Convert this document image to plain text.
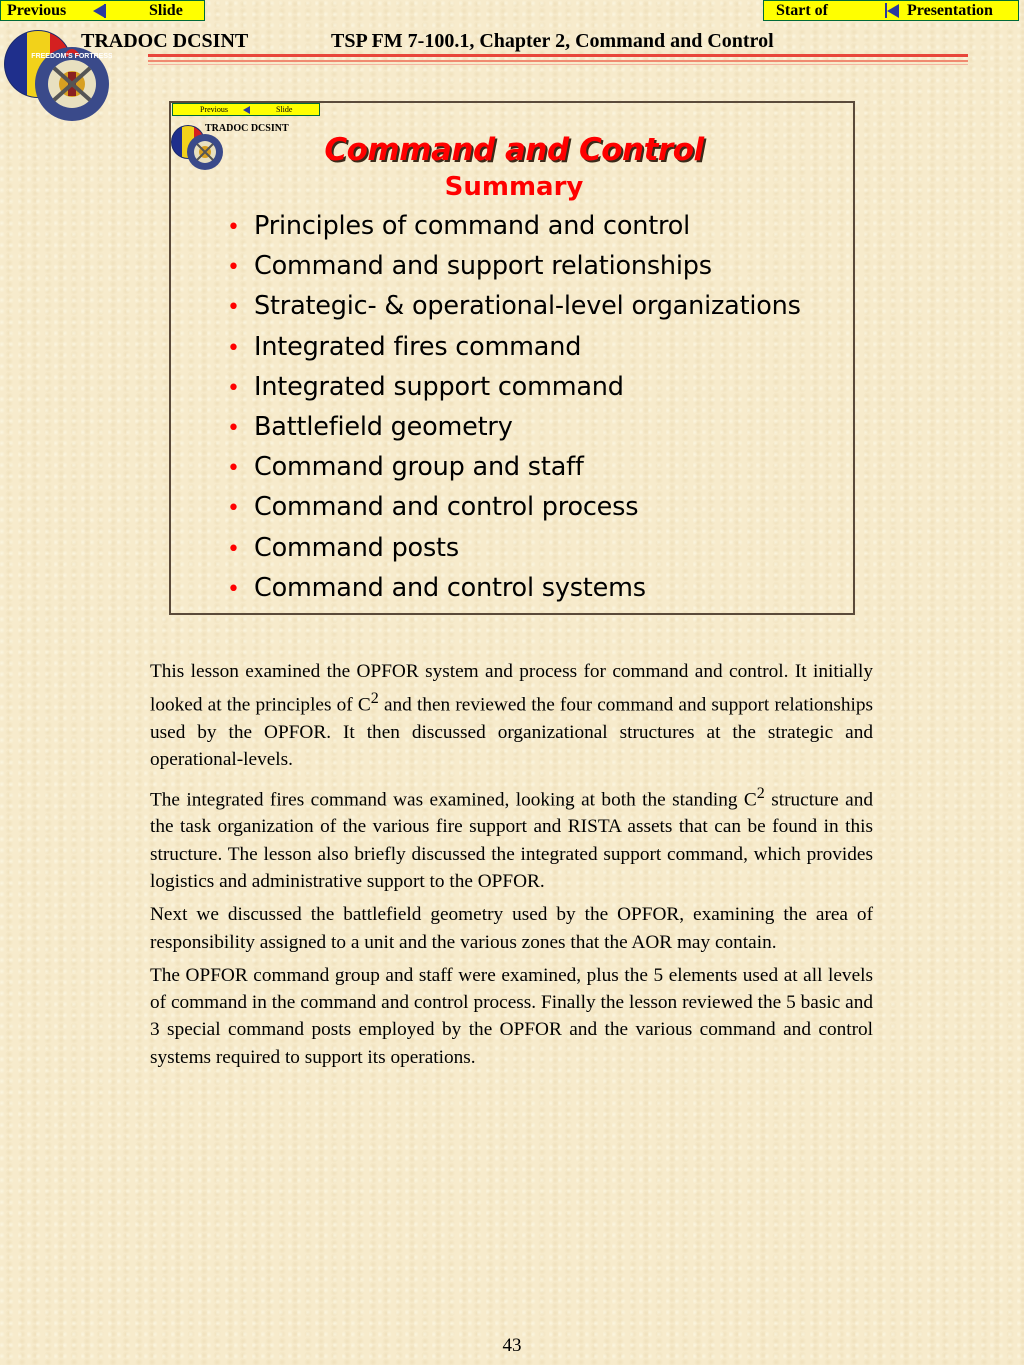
Previous	Slide	Start of	Presentation
FREEDOM'S FORTRESS
TRADOC DCSINT	TSP FM 7-100.1, Chapter 2, Command and Control
Previous	Slide
TRADOC DCSINT
Command and Control
Summary
• Principles of command and control
• Command and support relationships
• Strategic- & operational-level organizations
• Integrated fires command
• Integrated support command
• Battlefield geometry
• Command group and staff
• Command and control process
• Command posts
• Command and control systems

This lesson examined the OPFOR system and process for command and control. It initially looked at the principles of $C^2$ and then reviewed the four command and support relationships used by the OPFOR. It then discussed organizational structures at the strategic and operational-levels.

The integrated fires command was examined, looking at both the standing $C^2$ structure and the task organization of the various fire support and RISTA assets that can be found in this structure. The lesson also briefly discussed the integrated support command, which provides logistics and administrative support to the OPFOR.

Next we discussed the battlefield geometry used by the OPFOR, examining the area of responsibility assigned to a unit and the various zones that the AOR may contain.

The OPFOR command group and staff were examined, plus the 5 elements used at all levels of command in the command and control process. Finally the lesson reviewed the 5 basic and 3 special command posts employed by the OPFOR and the various command and control systems required to support its operations.

43
